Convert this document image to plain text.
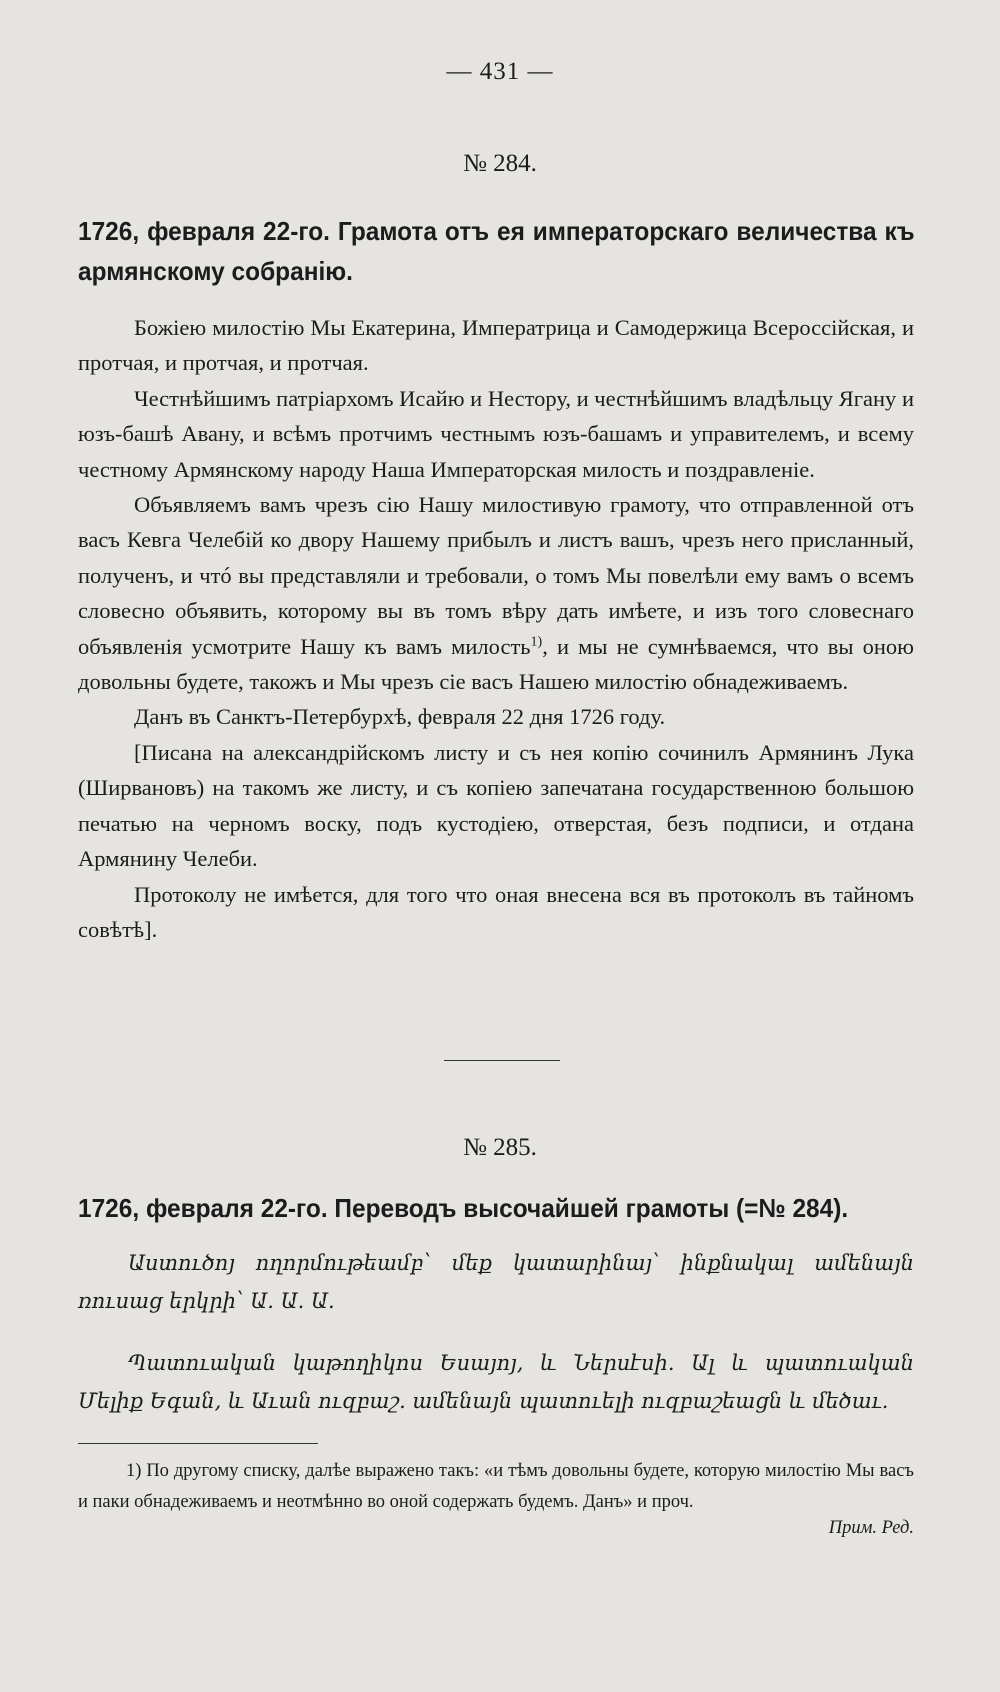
— 431 —
№ 284.
1726, февраля 22-го. Грамота отъ ея императорскаго величества къ армянскому собранію.

Божіею милостію Мы Екатерина, Императрица и Самодержица Всероссійская, и протчая, и протчая, и протчая.

Честнѣйшимъ патріархомъ Исайю и Нестору, и честнѣйшимъ владѣльцу Ягану и юзъ-башѣ Авану, и всѣмъ протчимъ честнымъ юзъ-башамъ и управителемъ, и всему честному Армянскому народу Наша Императорская милость и поздравленіе.

Объявляемъ вамъ чрезъ сію Нашу милостивую грамоту, что отправленной отъ васъ Кевга Челебій ко двору Нашему прибылъ и листъ вашъ, чрезъ него присланный, полученъ, и чтó вы представляли и требовали, о томъ Мы повелѣли ему вамъ о всемъ словесно объявить, которому вы въ томъ вѣру дать имѣете, и изъ того словеснаго объявленія усмотрите Нашу къ вамъ милость$^{1)}$, и мы не сумнѣваемся, что вы оною довольны будете, такожъ и Мы чрезъ сіе васъ Нашею милостію обнадеживаемъ.

Данъ въ Санктъ-Петербурхѣ, февраля 22 дня 1726 году.

[Писана на александрійскомъ листу и съ нея копію сочинилъ Армянинъ Лука (Ширвановъ) на такомъ же листу, и съ копіею запечатана государственною большою печатью на черномъ воску, подъ кустодіею, отверстая, безъ подписи, и отдана Армянину Челеби.

Протоколу не имѣется, для того что оная внесена вся въ протоколъ въ тайномъ совѣтѣ].

№ 285.
1726, февраля 22-го. Переводъ высочайшей грамоты (=№ 284).

Աստուծոյ ողորմութեամբ՝ մեք կատարինայ՝ ինքնակալ ամենայն ռուսաց երկրի՝ Ա. Ա. Ա.

Պատուական կաթողիկոս Եսայոյ, և Ներսէսի. Ալ և պատուական Մելիք Եգան, և Աւան ուզբաշ. ամենայն պատուելի ուզբաշեացն և մեծաւ.

1) По другому списку, далѣе выражено такъ: «и тѣмъ довольны будете, которую милостію Мы васъ и паки обнадеживаемъ и неотмѣнно во оной содержать будемъ. Данъ» и проч.

Прим. Ред.
